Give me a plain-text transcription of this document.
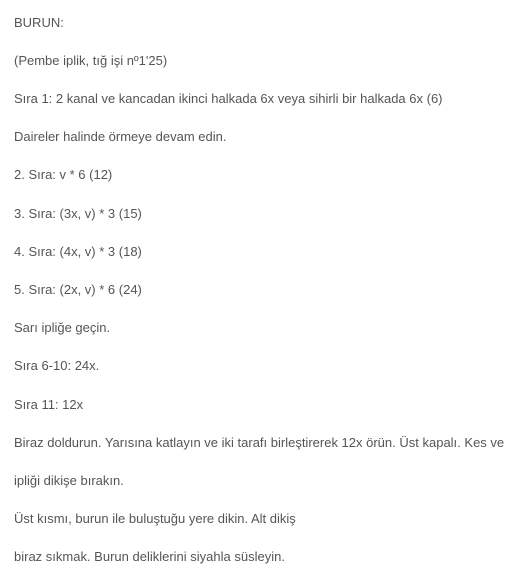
BURUN:
(Pembe iplik, tığ işi nº1'25)
Sıra 1: 2 kanal ve kancadan ikinci halkada 6x veya sihirli bir halkada 6x (6)
Daireler halinde örmeye devam edin.
2. Sıra: v * 6 (12)
3. Sıra: (3x, v) * 3 (15)
4. Sıra: (4x, v) * 3 (18)
5. Sıra: (2x, v) * 6 (24)
Sarı ipliğe geçin.
Sıra 6-10: 24x.
Sıra 11: 12x
Biraz doldurun. Yarısına katlayın ve iki tarafı birleştirerek 12x örün. Üst kapalı. Kes ve
ipliği dikişe bırakın.
Üst kısmı, burun ile buluştuğu yere dikin. Alt dikiş
biraz sıkmak. Burun deliklerini siyahla süsleyin.
